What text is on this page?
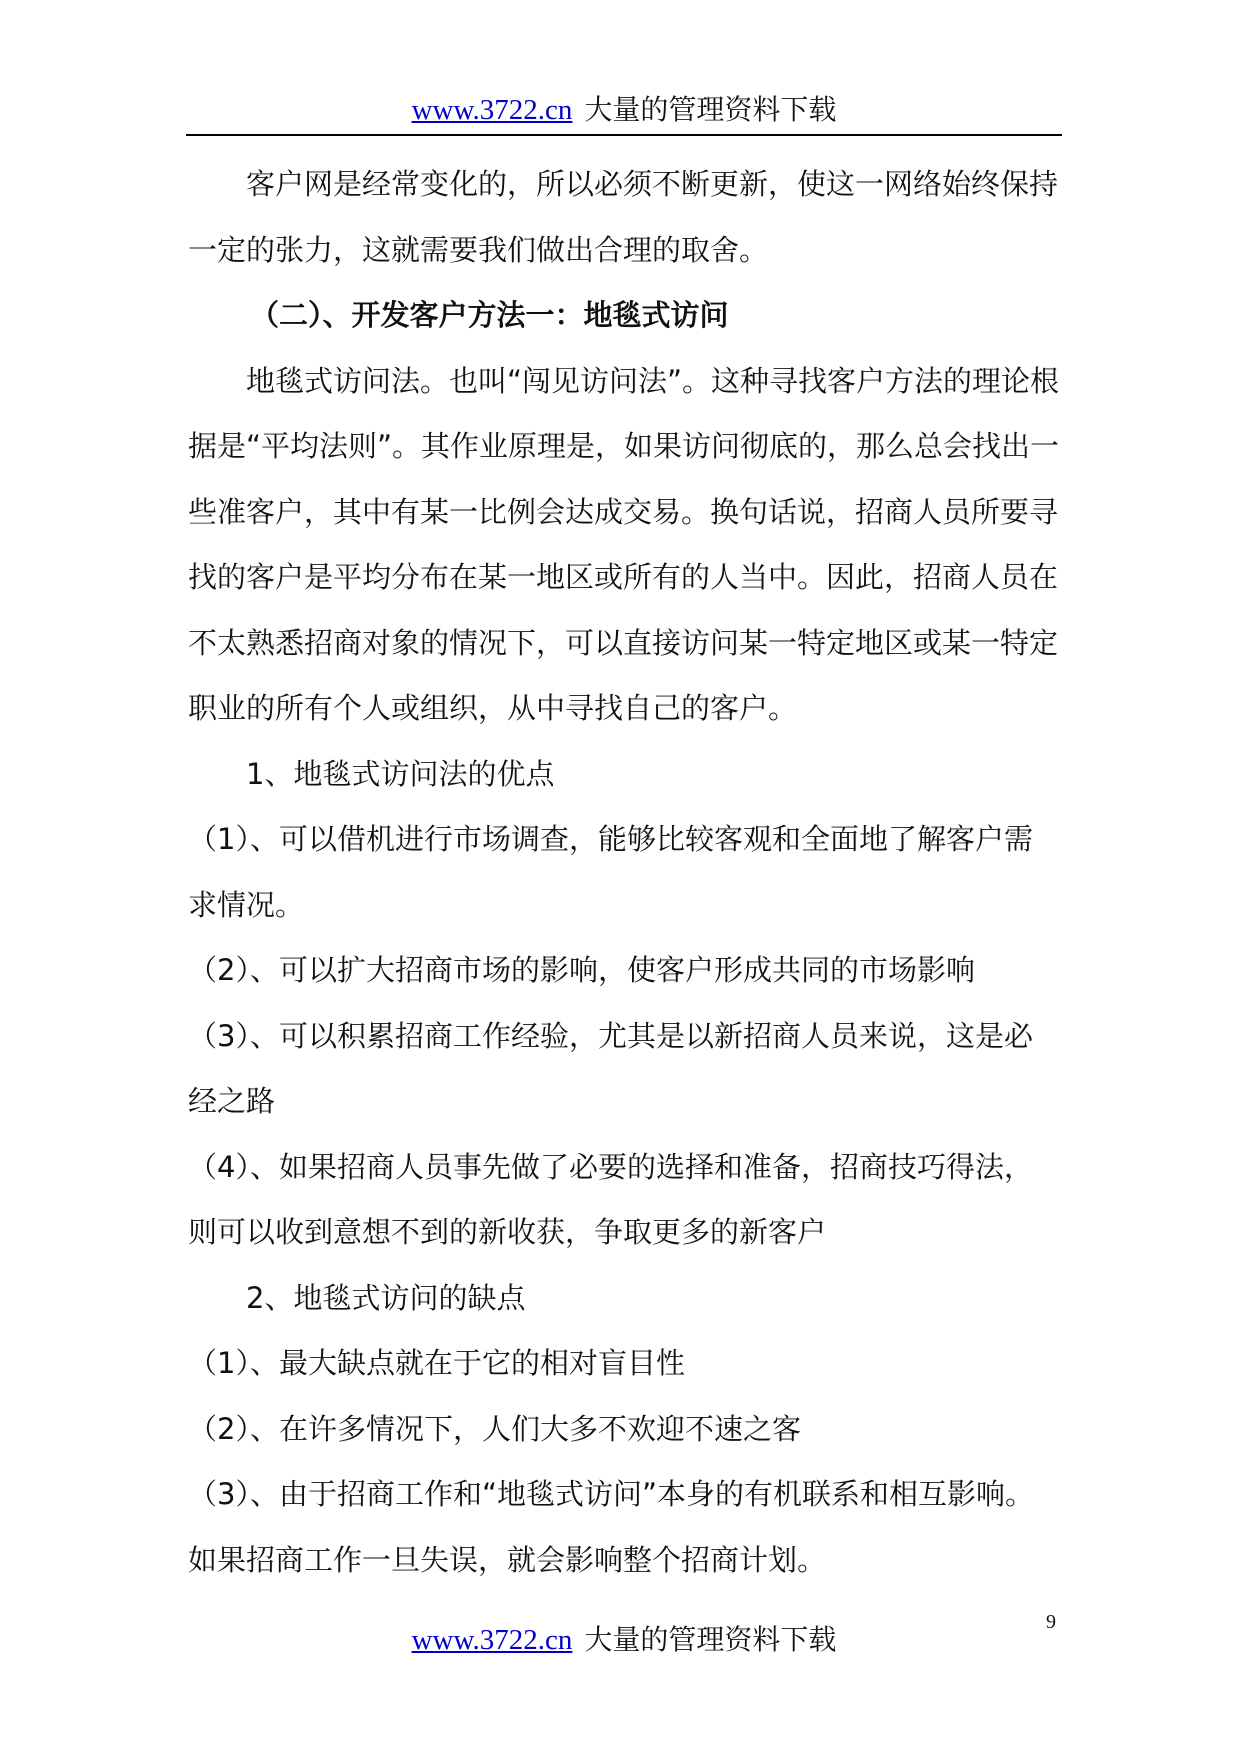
www.3722.cn 大量的管理资料下载

客户网是经常变化的，所以必须不断更新，使这一网络始终保持一定的张力，这就需要我们做出合理的取舍。

（二）、开发客户方法一：地毯式访问

地毯式访问法。也叫“闯见访问法”。这种寻找客户方法的理论根据是“平均法则”。其作业原理是，如果访问彻底的，那么总会找出一些准客户，其中有某一比例会达成交易。换句话说，招商人员所要寻找的客户是平均分布在某一地区或所有的人当中。因此，招商人员在不太熟悉招商对象的情况下，可以直接访问某一特定地区或某一特定职业的所有个人或组织，从中寻找自己的客户。

1、地毯式访问法的优点

（1）、可以借机进行市场调查，能够比较客观和全面地了解客户需求情况。

（2）、可以扩大招商市场的影响，使客户形成共同的市场影响

（3）、可以积累招商工作经验，尤其是以新招商人员来说，这是必经之路

（4）、如果招商人员事先做了必要的选择和准备，招商技巧得法，则可以收到意想不到的新收获，争取更多的新客户

2、地毯式访问的缺点

（1）、最大缺点就在于它的相对盲目性

（2）、在许多情况下，人们大多不欢迎不速之客

（3）、由于招商工作和“地毯式访问”本身的有机联系和相互影响。如果招商工作一旦失误，就会影响整个招商计划。

www.3722.cn 大量的管理资料下载
9
